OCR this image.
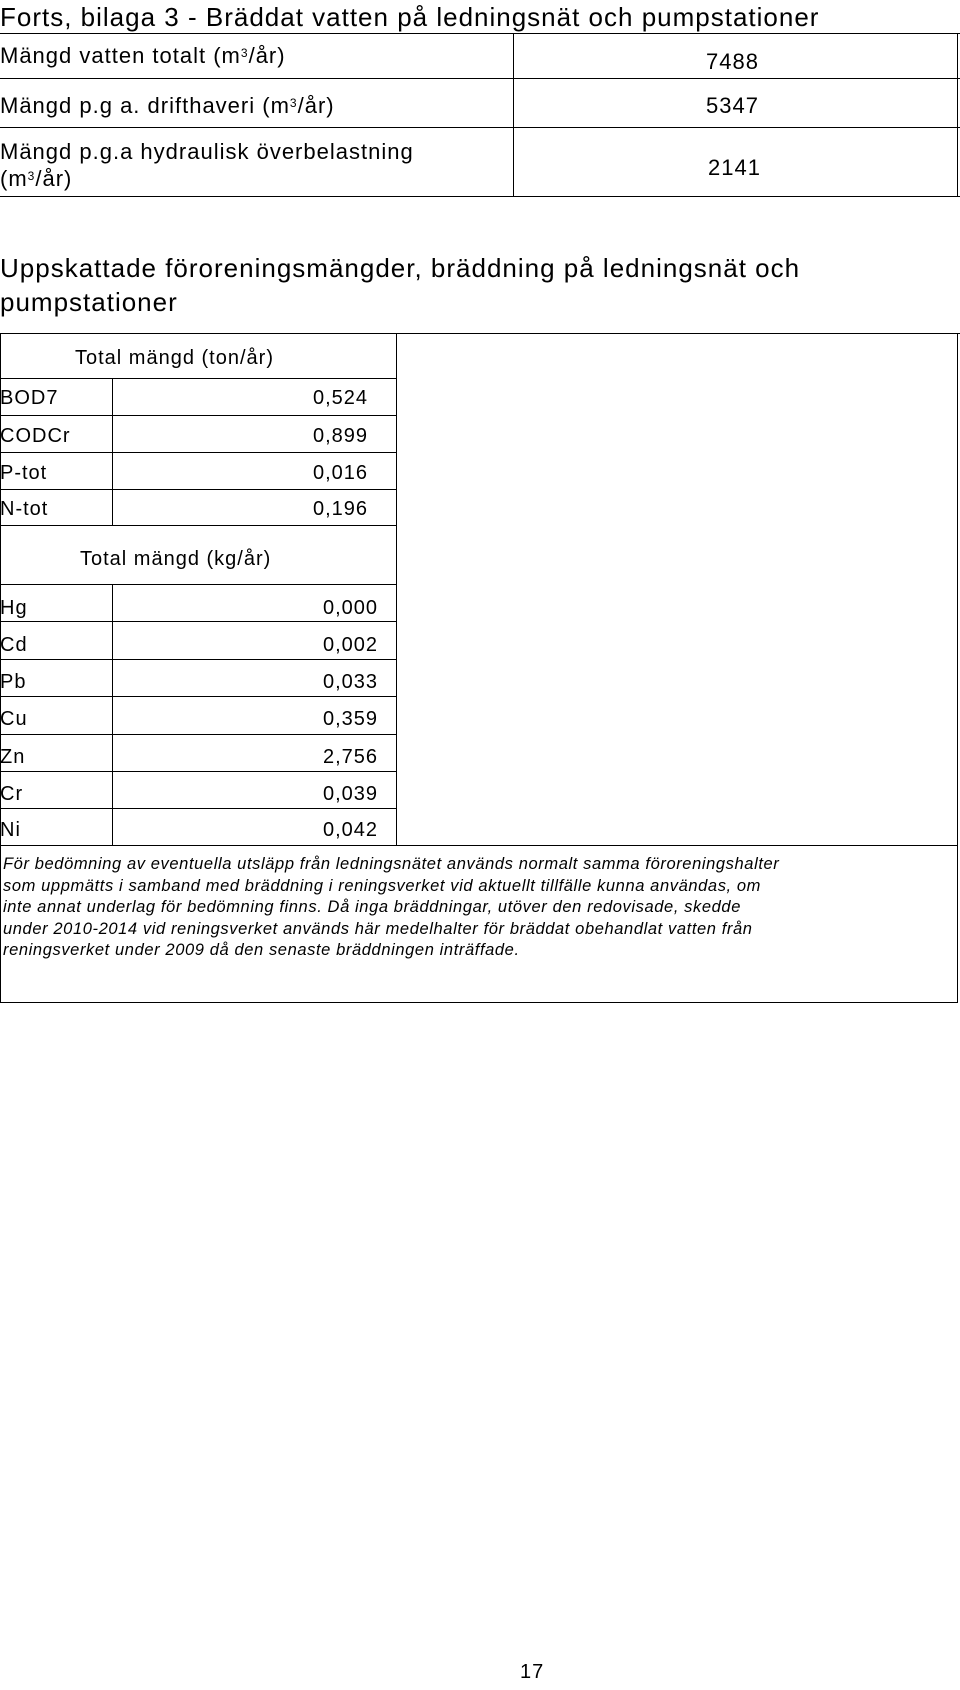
Forts, bilaga 3 - Bräddat vatten på ledningsnät och pumpstationer
Mängd vatten totalt $(m^3/år)$	7488
Mängd p.g a. drifthaveri $(m^3/år)$	5347
Mängd p.g.a hydraulisk överbelastning
$(m^3/år)$	2141
Uppskattade föroreningsmängder, bräddning på ledningsnät och
pumpstationer
Total mängd (ton/år)
BOD7	0,524
CODCr	0,899
P-tot	0,016
N-tot	0,196
Total mängd (kg/år)
Hg	0,000
Cd	0,002
Pb	0,033
Cu	0,359
Zn	2,756
Cr	0,039
Ni	0,042
För bedömning av eventuella utsläpp från ledningsnätet används normalt samma föroreningshalter
som uppmätts i samband med bräddning i reningsverket vid aktuellt tillfälle kunna användas, om
inte annat underlag för bedömning finns. Då inga bräddningar, utöver den redovisade, skedde
under 2010-2014 vid reningsverket används här medelhalter för bräddat obehandlat vatten från
reningsverket under 2009 då den senaste bräddningen inträffade.
17
